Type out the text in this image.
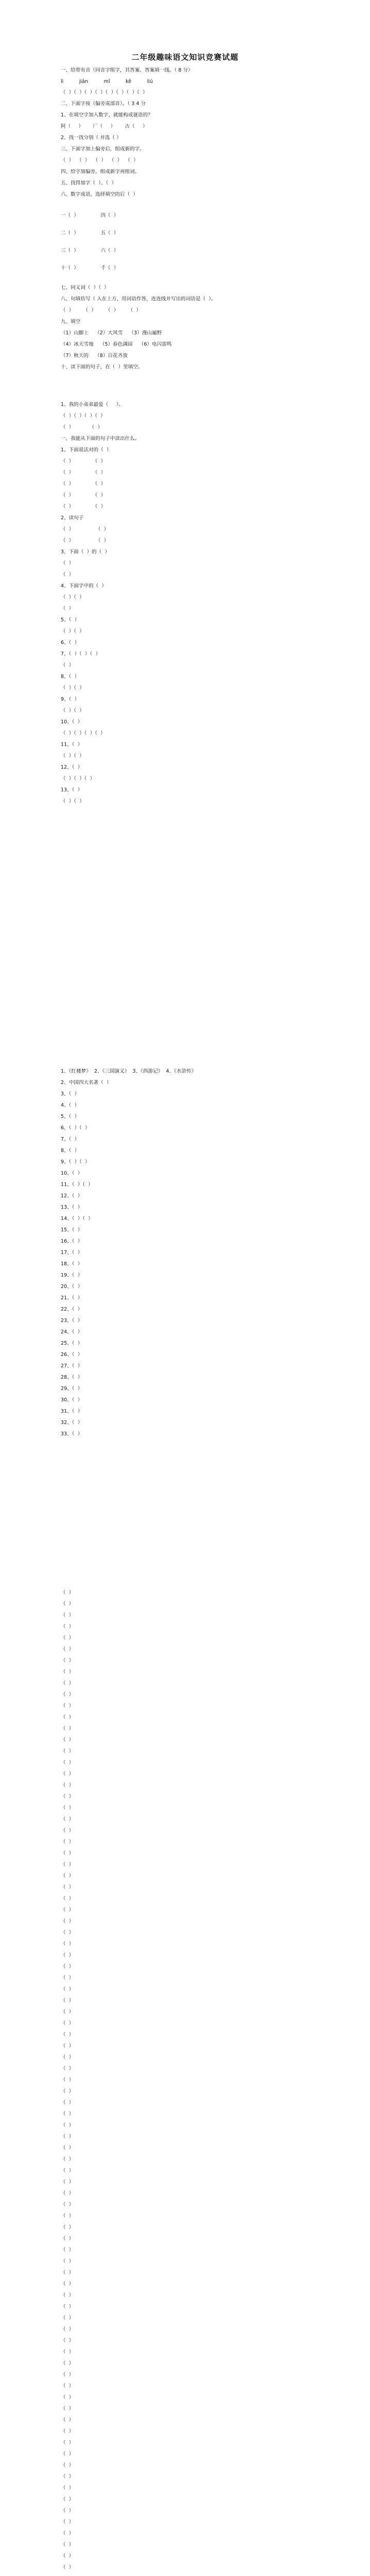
二年级趣味语文知识竞赛试题
一、给带有音（同音字组字，其答案、答案填一线。（ 8 分）
lì          jiān          mǐ          kě          liú
（  ）（  ）（  ）（  ）（  ）（  ）（  ）（  ）
二、下面字按（偏旁成部首）。（ 3 4 分
1、在填空字加入数字，就能构成谜语的？
阿（     ）      厂（     ）      古（     ）
2、找一找分别（ 并选（ ）
三、下面字加上偏旁后，组成新的字。
（  ）  （  ）  （  ）  （  ）  （  ）
四、给字加偏旁，组成新字再组词。
五、找得加字（  ）、（  ）
六、数字成语，选择填空的后（  ）
一（  ）              四（  ）
二（  ）              五（  ）
三（  ）              六（  ）
十（  ）              千（  ）
七、同义词（  ）（  ）
八、句填仿写（ 入在上方，用词语作答，连连线并写出的词语是（  ）。
（  ）      （  ）      （  ）      （  ）
九、填空
（1）山脚上    （2）大风雪    （3）漫山遍野
（4）冰天雪地    （5）春色满园    （6）电闪雷鸣
（7）秋天的    （8）百花齐放
十、读下面的句子，在（  ）里填空。
1、我的小弟弟最爱（     ）。
（  ）（  ）（  ）（  ）
（  ）          （  ）
一、我能从下面的句子中读出什么。
1、下面说法对的（  ）
（  ）            （  ）
（  ）            （  ）
（  ）            （  ）
（  ）            （  ）
（  ）            （  ）
2、读句子
（  ）              （  ）
（  ）              （  ）
3、下面（  ）的（  ）
（  ）
（  ）
4、下面字中的（  ）
（  ）（  ）
（  ）
5、（  ）
（  ）（  ）
6、（  ）
7、（  ）（  ）（  ）
（  ）
8、（  ）
（  ）（  ）
9、（  ）
（  ）（  ）
10、（  ）
（  ）（  ）（  ）（  ）
11、（  ）
（  ）（  ）
12、（  ）
（  ）（  ）（  ）
13、（  ）
（  ）（  ）
1、《红楼梦》  2、《三国演义》  3、《西游记》  4、《水浒传》
2、中国四大名著（  ）
3、（  ）
4、（  ）
5、（  ）
6、（  ）（  ）
7、（  ）
8、（  ）
9、（  ）（  ）
10、（  ）
11、（  ）（  ）
12、（  ）
13、（  ）
14、（  ）（  ）
15、（  ）
16、（  ）
17、（  ）
18、（  ）
19、（  ）
20、（  ）
21、（  ）
22、（  ）
23、（  ）
24、（  ）
25、（  ）
26、（  ）
27、（  ）
28、（  ）
29、（  ）
30、（  ）
31、（  ）
32、（  ）
33、（  ）
（  ）
（  ）
（  ）
（  ）
（  ）
（  ）
（  ）
（  ）
（  ）
（  ）
（  ）
（  ）
（  ）
（  ）
（  ）
（  ）
（  ）
（  ）
（  ）
（  ）
（  ）
（  ）
（  ）
（  ）
（  ）
（  ）
（  ）
（  ）
（  ）
（  ）
（  ）
（  ）
（  ）
（  ）
（  ）
（  ）
（  ）
（  ）
（  ）
（  ）
（  ）
（  ）
（  ）
（  ）
（  ）
（  ）
（  ）
（  ）
（  ）
（  ）
（  ）
（  ）
（  ）
（  ）
（  ）
（  ）
（  ）
（  ）
（  ）
（  ）
（  ）
（  ）
（  ）
（  ）
（  ）
（  ）
（  ）
（  ）
（  ）
（  ）
（  ）
（  ）
（  ）
（  ）
（  ）
（  ）
（  ）
（  ）
（  ）
（  ）
（  ）
（  ）
（  ）
（  ）
（  ）
（  ）
（  ）
